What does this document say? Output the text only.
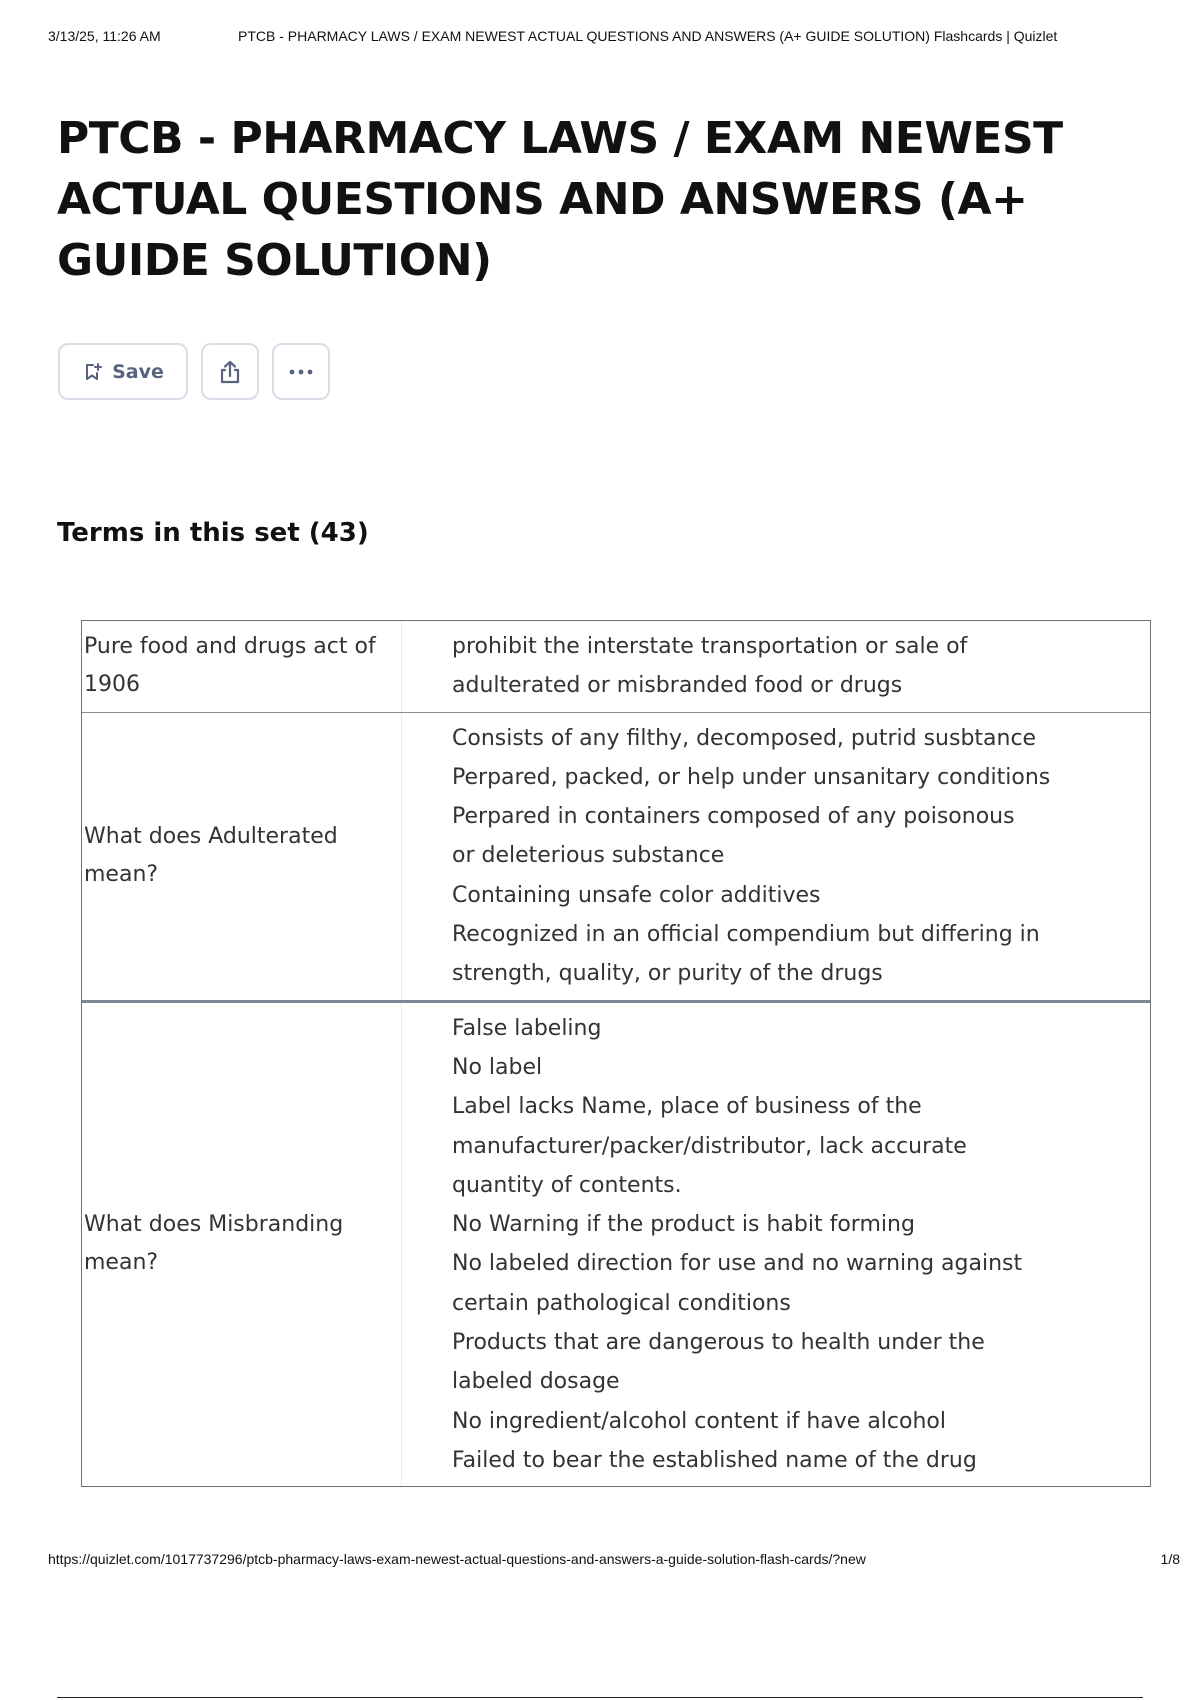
3/13/25, 11:26 AM	PTCB - PHARMACY LAWS / EXAM NEWEST ACTUAL QUESTIONS AND ANSWERS (A+ GUIDE SOLUTION) Flashcards | Quizlet
PTCB - PHARMACY LAWS / EXAM NEWEST ACTUAL QUESTIONS AND ANSWERS (A+ GUIDE SOLUTION)
Save
Terms in this set (43)
Pure food and drugs act of 1906
prohibit the interstate transportation or sale of
adulterated or misbranded food or drugs
What does Adulterated mean?
Consists of any filthy, decomposed, putrid susbtance
Perpared, packed, or help under unsanitary conditions
Perpared in containers composed of any poisonous
or deleterious substance
Containing unsafe color additives
Recognized in an official compendium but differing in
strength, quality, or purity of the drugs
What does Misbranding mean?
False labeling
No label
Label lacks Name, place of business of the
manufacturer/packer/distributor, lack accurate
quantity of contents.
No Warning if the product is habit forming
No labeled direction for use and no warning against
certain pathological conditions
Products that are dangerous to health under the
labeled dosage
No ingredient/alcohol content if have alcohol
Failed to bear the established name of the drug
https://quizlet.com/1017737296/ptcb-pharmacy-laws-exam-newest-actual-questions-and-answers-a-guide-solution-flash-cards/?new	1/8
